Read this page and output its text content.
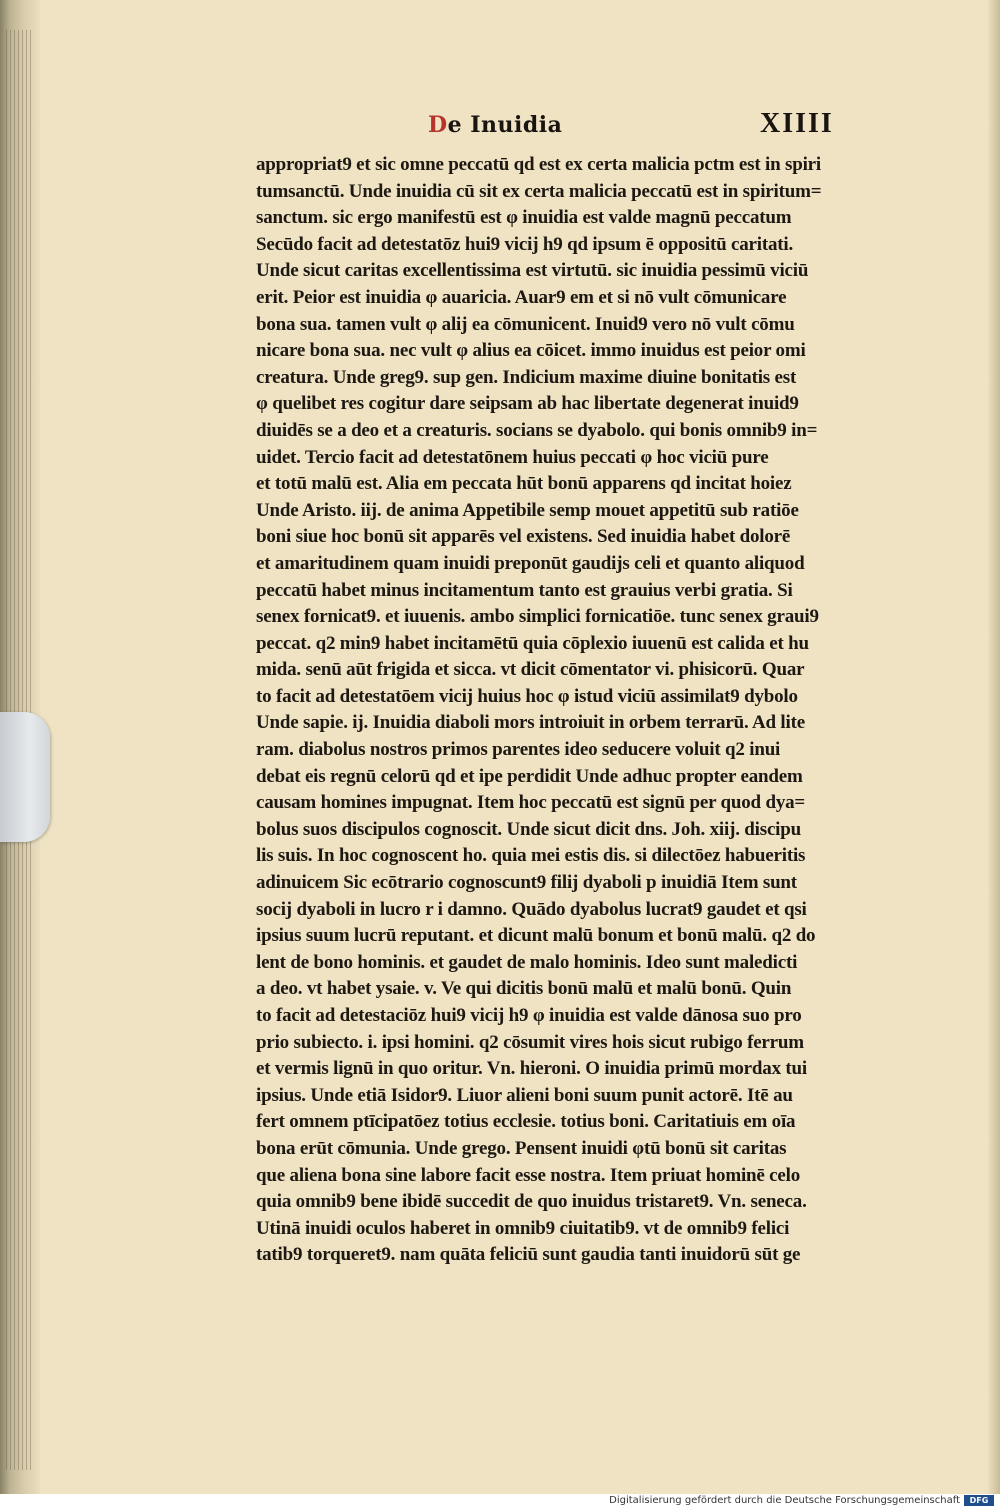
De Inuidia	XIIII
appropriat9 et sic omne peccatū qd est ex certa malicia pctm est in spiri
tumsanctū. Unde inuidia cū sit ex certa malicia peccatū est in spiritum=
sanctum. sic ergo manifestū est φ inuidia est valde magnū peccatum
Secūdo facit ad detestatōz hui9 vicij h9 qd ipsum ē oppositū caritati.
Unde sicut caritas excellentissima est virtutū. sic inuidia pessimū viciū
erit. Peior est inuidia φ auaricia. Auar9 em et si nō vult cōmunicare
bona sua. tamen vult φ alij ea cōmunicent. Inuid9 vero nō vult cōmu
nicare bona sua. nec vult φ alius ea cōicet. immo inuidus est peior omi
creatura. Unde greg9. sup gen. Indicium maxime diuine bonitatis est
φ quelibet res cogitur dare seipsam ab hac libertate degenerat inuid9
diuidēs se a deo et a creaturis. socians se dyabolo. qui bonis omnib9 in=
uidet. Tercio facit ad detestatōnem huius peccati φ hoc viciū pure
et totū malū est. Alia em peccata hūt bonū apparens qd incitat hoiez
Unde Aristo. iij. de anima Appetibile semp mouet appetitū sub ratiōe
boni siue hoc bonū sit apparēs vel existens. Sed inuidia habet dolorē
et amaritudinem quam inuidi preponūt gaudijs celi et quanto aliquod
peccatū habet minus incitamentum tanto est grauius verbi gratia. Si
senex fornicat9. et iuuenis. ambo simplici fornicatiōe. tunc senex graui9
peccat. q2 min9 habet incitamētū quia cōplexio iuuenū est calida et hu
mida. senū aūt frigida et sicca. vt dicit cōmentator vi. phisicorū. Quar
to facit ad detestatōem vicij huius hoc φ istud viciū assimilat9 dybolo
Unde sapie. ij. Inuidia diaboli mors introiuit in orbem terrarū. Ad lite
ram. diabolus nostros primos parentes ideo seducere voluit q2 inui
debat eis regnū celorū qd et ipe perdidit Unde adhuc propter eandem
causam homines impugnat. Item hoc peccatū est signū per quod dya=
bolus suos discipulos cognoscit. Unde sicut dicit dns. Joh. xiij. discipu
lis suis. In hoc cognoscent ho. quia mei estis dis. si dilectōez habueritis
adinuicem Sic ecōtrario cognoscunt9 filij dyaboli p inuidiā Item sunt
socij dyaboli in lucro r i damno. Quādo dyabolus lucrat9 gaudet et qsi
ipsius suum lucrū reputant. et dicunt malū bonum et bonū malū. q2 do
lent de bono hominis. et gaudet de malo hominis. Ideo sunt maledicti
a deo. vt habet ysaie. v. Ve qui dicitis bonū malū et malū bonū. Quin
to facit ad detestaciōz hui9 vicij h9 φ inuidia est valde dānosa suo pro
prio subiecto. i. ipsi homini. q2 cōsumit vires hois sicut rubigo ferrum
et vermis lignū in quo oritur. Vn. hieroni. O inuidia primū mordax tui
ipsius. Unde etiā Isidor9. Liuor alieni boni suum punit actorē. Itē au
fert omnem ptīcipatōez totius ecclesie. totius boni. Caritatiuis em oīa
bona erūt cōmunia. Unde grego. Pensent inuidi φtū bonū sit caritas
que aliena bona sine labore facit esse nostra. Item priuat hominē celo
quia omnib9 bene ibidē succedit de quo inuidus tristaret9. Vn. seneca.
Utinā inuidi oculos haberet in omnib9 ciuitatib9. vt de omnib9 felici
tatib9 torqueret9. nam quāta feliciū sunt gaudia tanti inuidorū sūt ge
Digitalisierung gefördert durch die Deutsche Forschungsgemeinschaft	DFG
